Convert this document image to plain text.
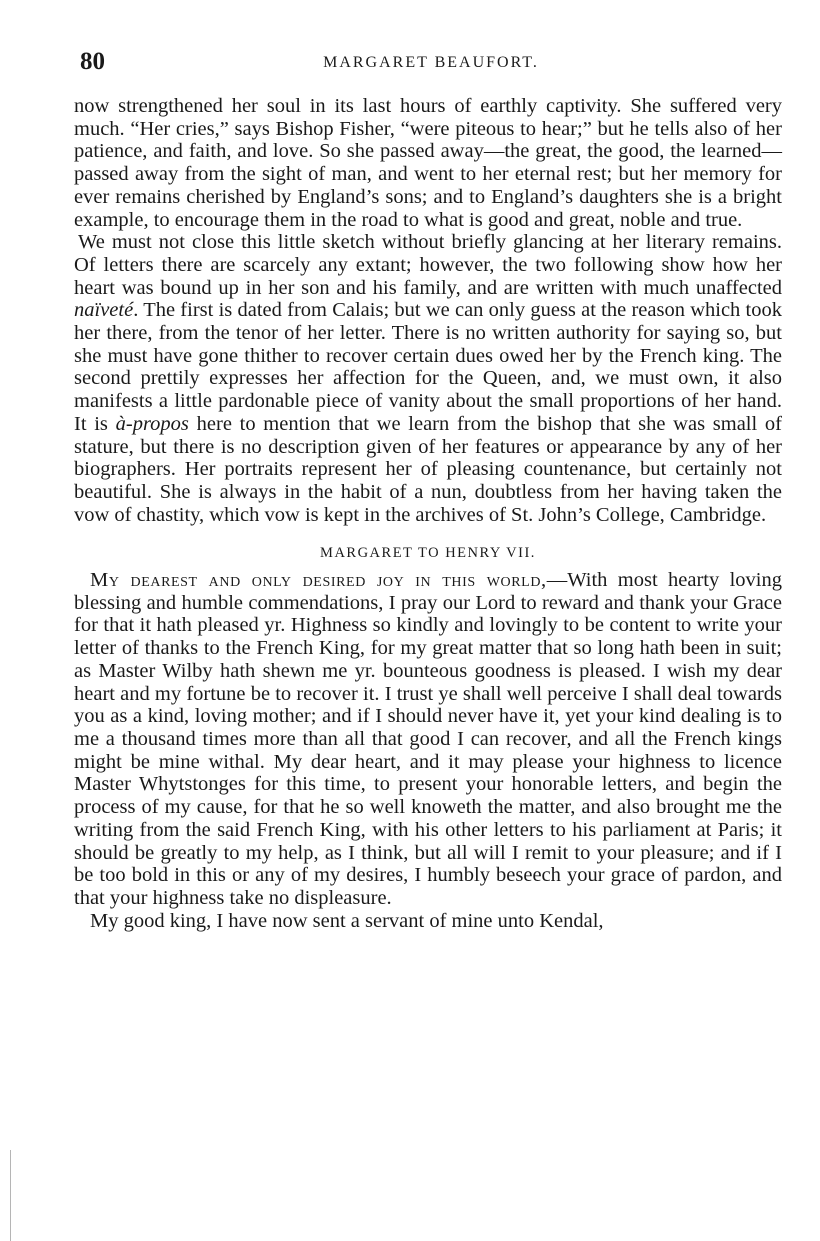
80	MARGARET BEAUFORT.

now strengthened her soul in its last hours of earthly captivity. She suffered very much. “Her cries,” says Bishop Fisher, “were piteous to hear;” but he tells also of her patience, and faith, and love. So she passed away—the great, the good, the learned—passed away from the sight of man, and went to her eternal rest; but her memory for ever remains cherished by England’s sons; and to England’s daughters she is a bright example, to encourage them in the road to what is good and great, noble and true.

We must not close this little sketch without briefly glancing at her literary remains. Of letters there are scarcely any extant; however, the two following show how her heart was bound up in her son and his family, and are written with much unaffected naïveté. The first is dated from Calais; but we can only guess at the reason which took her there, from the tenor of her letter. There is no written authority for saying so, but she must have gone thither to recover certain dues owed her by the French king. The second prettily expresses her affection for the Queen, and, we must own, it also manifests a little pardonable piece of vanity about the small proportions of her hand. It is à-propos here to mention that we learn from the bishop that she was small of stature, but there is no description given of her features or appearance by any of her biographers. Her portraits represent her of pleasing countenance, but certainly not beautiful. She is always in the habit of a nun, doubtless from her having taken the vow of chastity, which vow is kept in the archives of St. John’s College, Cambridge.

MARGARET TO HENRY VII.

My dearest and only desired joy in this world,—With most hearty loving blessing and humble commendations, I pray our Lord to reward and thank your Grace for that it hath pleased yr. Highness so kindly and lovingly to be content to write your letter of thanks to the French King, for my great matter that so long hath been in suit; as Master Wilby hath shewn me yr. bounteous goodness is pleased. I wish my dear heart and my fortune be to recover it. I trust ye shall well perceive I shall deal towards you as a kind, loving mother; and if I should never have it, yet your kind dealing is to me a thousand times more than all that good I can recover, and all the French kings might be mine withal. My dear heart, and it may please your highness to licence Master Whytstonges for this time, to present your honorable letters, and begin the process of my cause, for that he so well knoweth the matter, and also brought me the writing from the said French King, with his other letters to his parliament at Paris; it should be greatly to my help, as I think, but all will I remit to your pleasure; and if I be too bold in this or any of my desires, I humbly beseech your grace of pardon, and that your highness take no displeasure.

My good king, I have now sent a servant of mine unto Kendal,
